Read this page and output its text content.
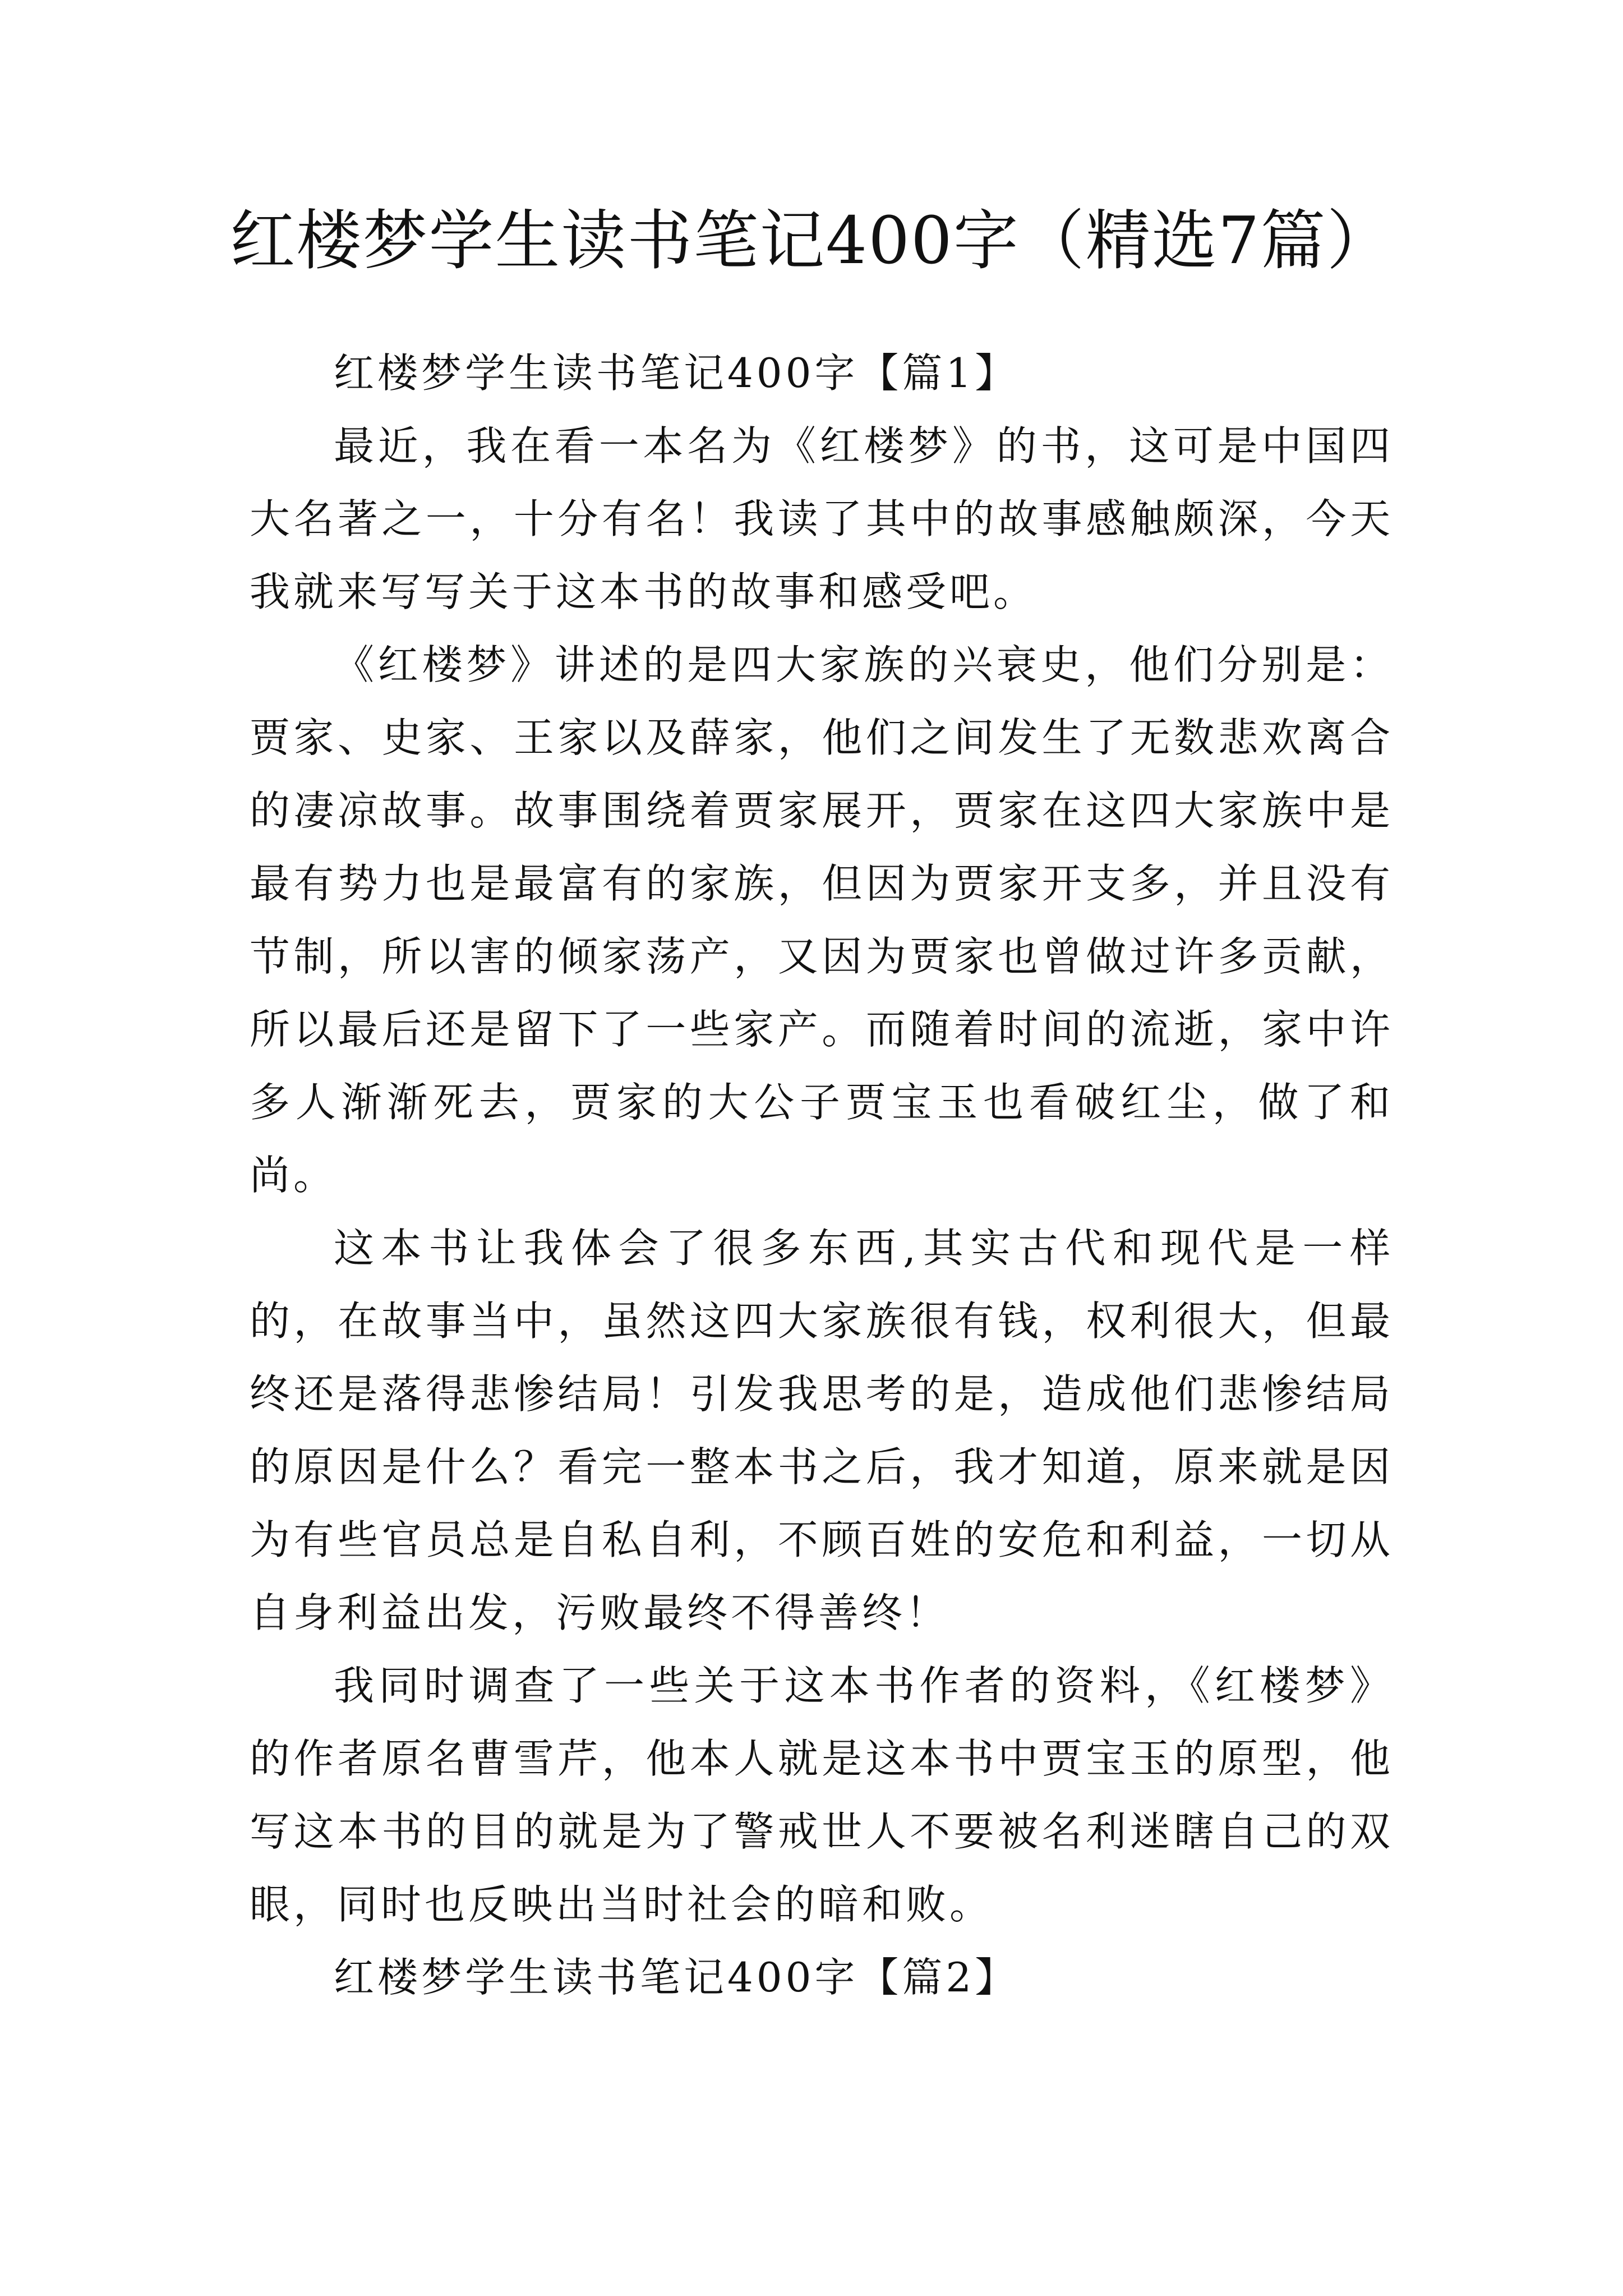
红楼梦学生读书笔记400字（精选7篇）

红楼梦学生读书笔记400字【篇1】

最近，我在看一本名为《红楼梦》的书，这可是中国四大名著之一，十分有名！我读了其中的故事感触颇深，今天我就来写写关于这本书的故事和感受吧。

《红楼梦》讲述的是四大家族的兴衰史，他们分别是：贾家、史家、王家以及薛家，他们之间发生了无数悲欢离合的凄凉故事。故事围绕着贾家展开，贾家在这四大家族中是最有势力也是最富有的家族，但因为贾家开支多，并且没有节制，所以害的倾家荡产，又因为贾家也曾做过许多贡献，所以最后还是留下了一些家产。而随着时间的流逝，家中许多人渐渐死去，贾家的大公子贾宝玉也看破红尘，做了和尚。

这本书让我体会了很多东西,其实古代和现代是一样的，在故事当中，虽然这四大家族很有钱，权利很大，但最终还是落得悲惨结局！引发我思考的是，造成他们悲惨结局的原因是什么？看完一整本书之后，我才知道，原来就是因为有些官员总是自私自利，不顾百姓的安危和利益，一切从自身利益出发，污败最终不得善终！

我同时调查了一些关于这本书作者的资料，《红楼梦》的作者原名曹雪芹，他本人就是这本书中贾宝玉的原型，他写这本书的目的就是为了警戒世人不要被名利迷瞎自己的双眼，同时也反映出当时社会的暗和败。

红楼梦学生读书笔记400字【篇2】
